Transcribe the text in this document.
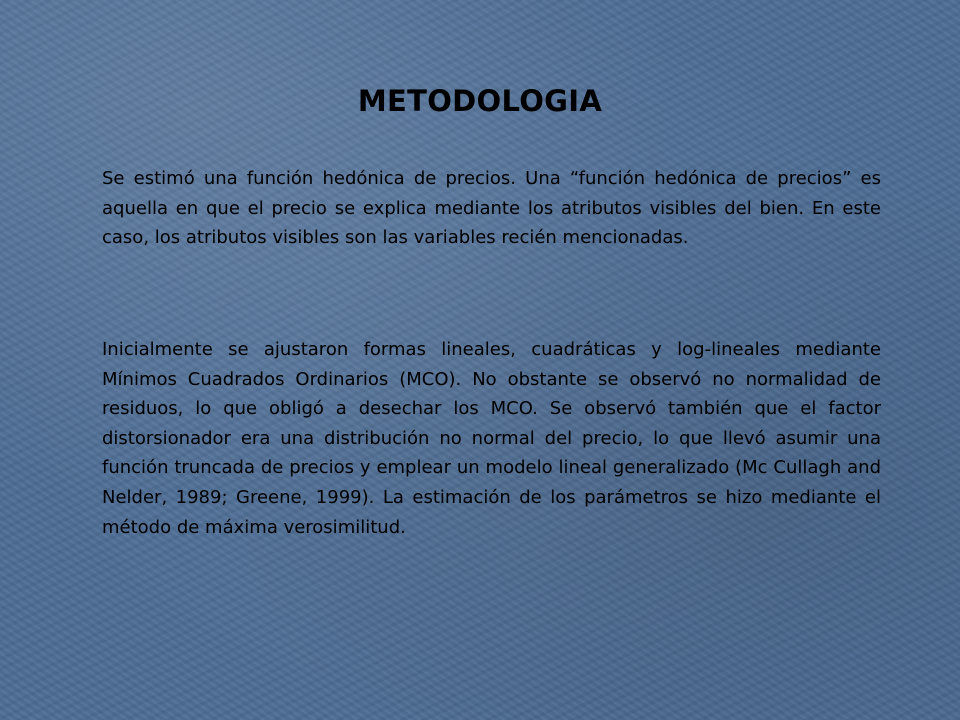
METODOLOGIA

Se estimó una función hedónica de precios. Una “función hedónica de precios” es aquella en que el precio se explica mediante los atributos visibles del bien. En este caso, los atributos visibles son las variables recién mencionadas.

Inicialmente se ajustaron formas lineales, cuadráticas y log-lineales mediante Mínimos Cuadrados Ordinarios (MCO). No obstante se observó no normalidad de residuos, lo que obligó a desechar los MCO. Se observó también que el factor distorsionador era una distribución no normal del precio, lo que llevó asumir una función truncada de precios y emplear un modelo lineal generalizado (Mc Cullagh and Nelder, 1989; Greene, 1999). La estimación de los parámetros se hizo mediante el método de máxima verosimilitud.
